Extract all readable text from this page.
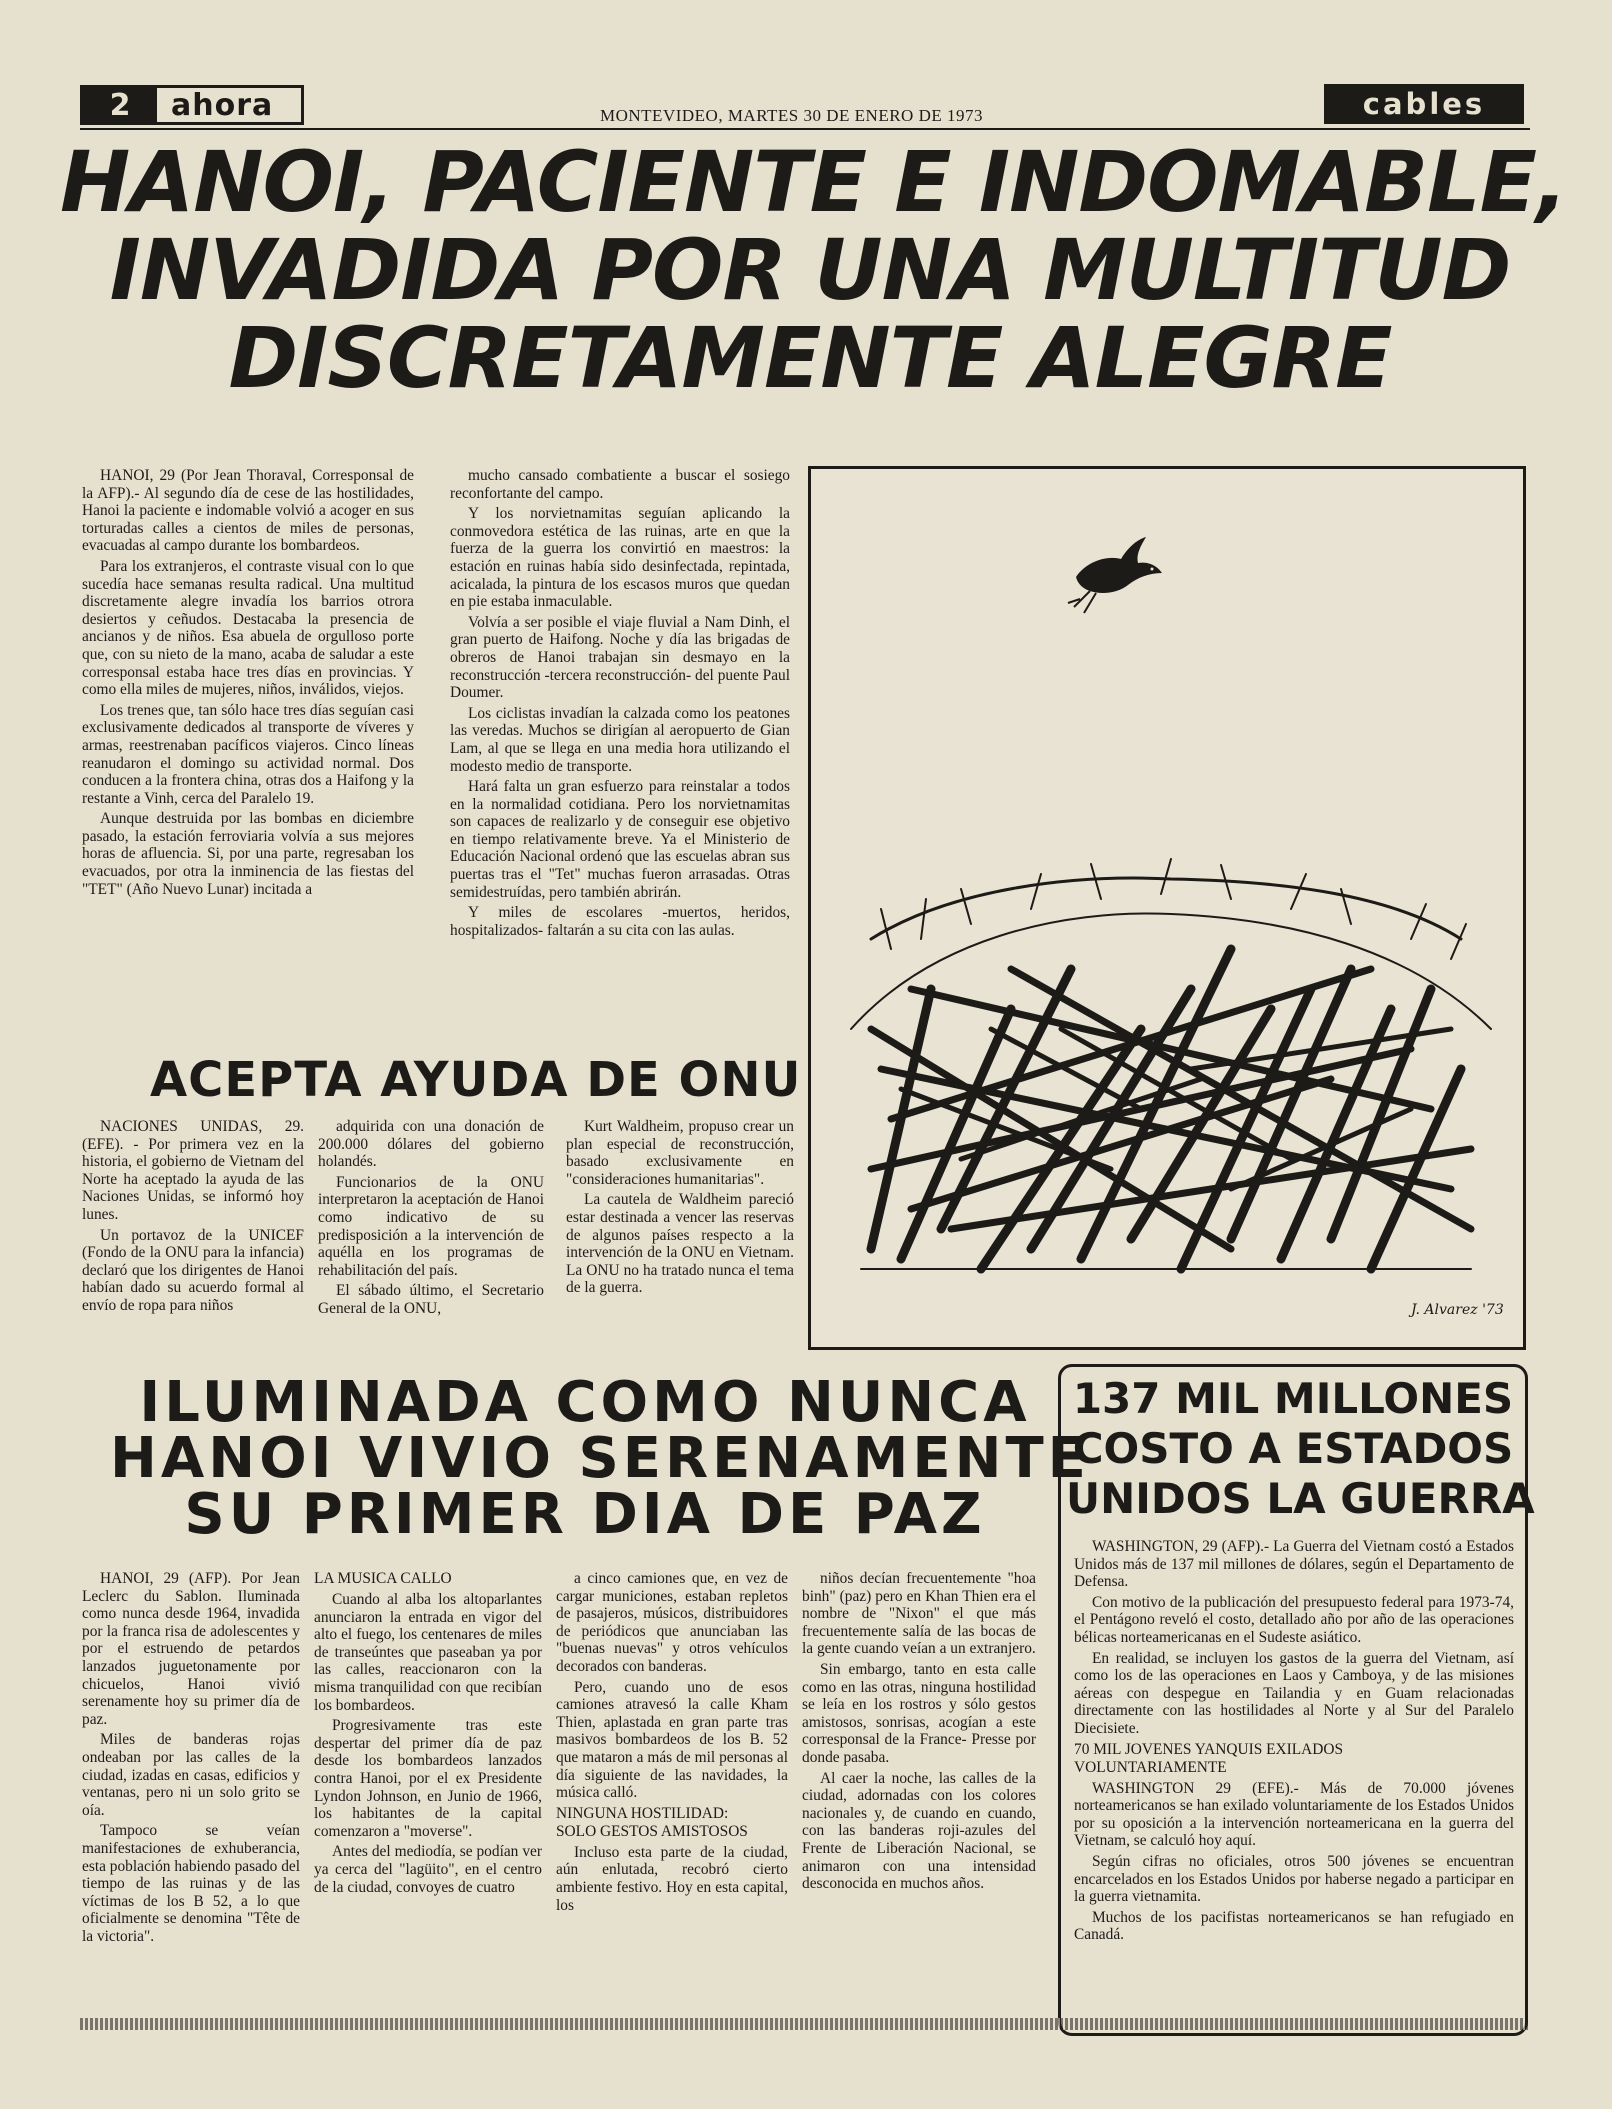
2	ahora	MONTEVIDEO, MARTES 30 DE ENERO DE 1973	cables
HANOI, PACIENTE E INDOMABLE,
INVADIDA POR UNA MULTITUD
DISCRETAMENTE ALEGRE

HANOI, 29 (Por Jean Thoraval, Corresponsal de la AFP).- Al segundo día de cese de las hostilidades, Hanoi la paciente e indomable volvió a acoger en sus torturadas calles a cientos de miles de personas, evacuadas al campo durante los bombardeos.

Para los extranjeros, el contraste visual con lo que sucedía hace semanas resulta radical. Una multitud discretamente alegre invadía los barrios otrora desiertos y ceñudos. Destacaba la presencia de ancianos y de niños. Esa abuela de orgulloso porte que, con su nieto de la mano, acaba de saludar a este corresponsal estaba hace tres días en provincias. Y como ella miles de mujeres, niños, inválidos, viejos.

Los trenes que, tan sólo hace tres días seguían casi exclusivamente dedicados al transporte de víveres y armas, reestrenaban pacíficos viajeros. Cinco líneas reanudaron el domingo su actividad normal. Dos conducen a la frontera china, otras dos a Haifong y la restante a Vinh, cerca del Paralelo 19.

Aunque destruida por las bombas en diciembre pasado, la estación ferroviaria volvía a sus mejores horas de afluencia. Si, por una parte, regresaban los evacuados, por otra la inminencia de las fiestas del "TET" (Año Nuevo Lunar) incitada a

mucho cansado combatiente a buscar el sosiego reconfortante del campo.

Y los norvietnamitas seguían aplicando la conmovedora estética de las ruinas, arte en que la fuerza de la guerra los convirtió en maestros: la estación en ruinas había sido desinfectada, repintada, acicalada, la pintura de los escasos muros que quedan en pie estaba inmaculable.

Volvía a ser posible el viaje fluvial a Nam Dinh, el gran puerto de Haifong. Noche y día las brigadas de obreros de Hanoi trabajan sin desmayo en la reconstrucción -tercera reconstrucción- del puente Paul Doumer.

Los ciclistas invadían la calzada como los peatones las veredas. Muchos se dirigían al aeropuerto de Gian Lam, al que se llega en una media hora utilizando el modesto medio de transporte.

Hará falta un gran esfuerzo para reinstalar a todos en la normalidad cotidiana. Pero los norvietnamitas son capaces de realizarlo y de conseguir ese objetivo en tiempo relativamente breve. Ya el Ministerio de Educación Nacional ordenó que las escuelas abran sus puertas tras el "Tet" muchas fueron arrasadas. Otras semidestruídas, pero también abrirán.

Y miles de escolares -muertos, heridos, hospitalizados- faltarán a su cita con las aulas.

ACEPTA AYUDA DE ONU

NACIONES UNIDAS, 29. (EFE). - Por primera vez en la historia, el gobierno de Vietnam del Norte ha aceptado la ayuda de las Naciones Unidas, se informó hoy lunes.

Un portavoz de la UNICEF (Fondo de la ONU para la infancia) declaró que los dirigentes de Hanoi habían dado su acuerdo formal al envío de ropa para niños

adquirida con una donación de 200.000 dólares del gobierno holandés.

Funcionarios de la ONU interpretaron la aceptación de Hanoi como indicativo de su predisposición a la intervención de aquélla en los programas de rehabilitación del país.

El sábado último, el Secretario General de la ONU,

Kurt Waldheim, propuso crear un plan especial de reconstrucción, basado exclusivamente en "consideraciones humanitarias".

La cautela de Waldheim pareció estar destinada a vencer las reservas de algunos países respecto a la intervención de la ONU en Vietnam. La ONU no ha tratado nunca el tema de la guerra.

J. Alvarez '73
ILUMINADA COMO NUNCA
HANOI VIVIO SERENAMENTE
SU PRIMER DIA DE PAZ

HANOI, 29 (AFP). Por Jean Leclerc du Sablon. Iluminada como nunca desde 1964, invadida por la franca risa de adolescentes y por el estruendo de petardos lanzados juguetonamente por chicuelos, Hanoi vivió serenamente hoy su primer día de paz.

Miles de banderas rojas ondeaban por las calles de la ciudad, izadas en casas, edificios y ventanas, pero ni un solo grito se oía.

Tampoco se veían manifestaciones de exhuberancia, esta población habiendo pasado del tiempo de las ruinas y de las víctimas de los B 52, a lo que oficialmente se denomina "Tête de la victoria".

LA MUSICA CALLO

Cuando al alba los altoparlantes anunciaron la entrada en vigor del alto el fuego, los centenares de miles de transeúntes que paseaban ya por las calles, reaccionaron con la misma tranquilidad con que recibían los bombardeos.

Progresivamente tras este despertar del primer día de paz desde los bombardeos lanzados contra Hanoi, por el ex Presidente Lyndon Johnson, en Junio de 1966, los habitantes de la capital comenzaron a "moverse".

Antes del mediodía, se podían ver ya cerca del "lagüito", en el centro de la ciudad, convoyes de cuatro

a cinco camiones que, en vez de cargar municiones, estaban repletos de pasajeros, músicos, distribuidores de periódicos que anunciaban las "buenas nuevas" y otros vehículos decorados con banderas.

Pero, cuando uno de esos camiones atravesó la calle Kham Thien, aplastada en gran parte tras masivos bombardeos de los B. 52 que mataron a más de mil personas al día siguiente de las navidades, la música calló.

NINGUNA HOSTILIDAD:
SOLO GESTOS AMISTOSOS

Incluso esta parte de la ciudad, aún enlutada, recobró cierto ambiente festivo. Hoy en esta capital, los

niños decían frecuentemente "hoa binh" (paz) pero en Khan Thien era el nombre de "Nixon" el que más frecuentemente salía de las bocas de la gente cuando veían a un extranjero.

Sin embargo, tanto en esta calle como en las otras, ninguna hostilidad se leía en los rostros y sólo gestos amistosos, sonrisas, acogían a este corresponsal de la France- Presse por donde pasaba.

Al caer la noche, las calles de la ciudad, adornadas con los colores nacionales y, de cuando en cuando, con las banderas roji-azules del Frente de Liberación Nacional, se animaron con una intensidad desconocida en muchos años.

137 MIL MILLONES
COSTO A ESTADOS
UNIDOS LA GUERRA

WASHINGTON, 29 (AFP).- La Guerra del Vietnam costó a Estados Unidos más de 137 mil millones de dólares, según el Departamento de Defensa.

Con motivo de la publicación del presupuesto federal para 1973-74, el Pentágono reveló el costo, detallado año por año de las operaciones bélicas norteamericanas en el Sudeste asiático.

En realidad, se incluyen los gastos de la guerra del Vietnam, así como los de las operaciones en Laos y Camboya, y de las misiones aéreas con despegue en Tailandia y en Guam relacionadas directamente con las hostilidades al Norte y al Sur del Paralelo Diecisiete.

70 MIL JOVENES YANQUIS EXILADOS
VOLUNTARIAMENTE

WASHINGTON 29 (EFE).- Más de 70.000 jóvenes norteamericanos se han exilado voluntariamente de los Estados Unidos por su oposición a la intervención norteamericana en la guerra del Vietnam, se calculó hoy aquí.

Según cifras no oficiales, otros 500 jóvenes se encuentran encarcelados en los Estados Unidos por haberse negado a participar en la guerra vietnamita.

Muchos de los pacifistas norteamericanos se han refugiado en Canadá.
